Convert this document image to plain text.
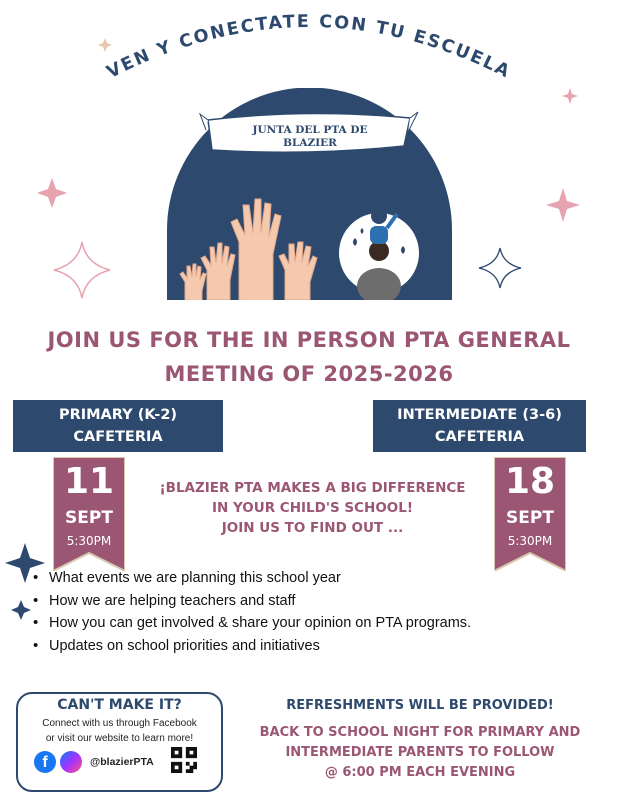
VEN Y CONECTATE CON TU ESCUELA
JUNTA DEL PTA DE
BLAZIER
JOIN US FOR THE IN PERSON PTA GENERAL
MEETING OF 2025-2026
PRIMARY (K-2)
CAFETERIA
INTERMEDIATE (3-6)
CAFETERIA
11
SEPT
5:30PM
18
SEPT
5:30PM
¡BLAZIER PTA MAKES A BIG DIFFERENCE
IN YOUR CHILD'S SCHOOL!
JOIN US TO FIND OUT ...
• What events we are planning this school year
• How we are helping teachers and staff
• How you can get involved & share your opinion on PTA programs.
• Updates on school priorities and initiatives
CAN'T MAKE IT?
Connect with us through Facebook
or visit our website to learn more!
f	@blazierPTA
REFRESHMENTS WILL BE PROVIDED!
BACK TO SCHOOL NIGHT FOR PRIMARY AND
INTERMEDIATE PARENTS TO FOLLOW
@ 6:00 PM EACH EVENING
